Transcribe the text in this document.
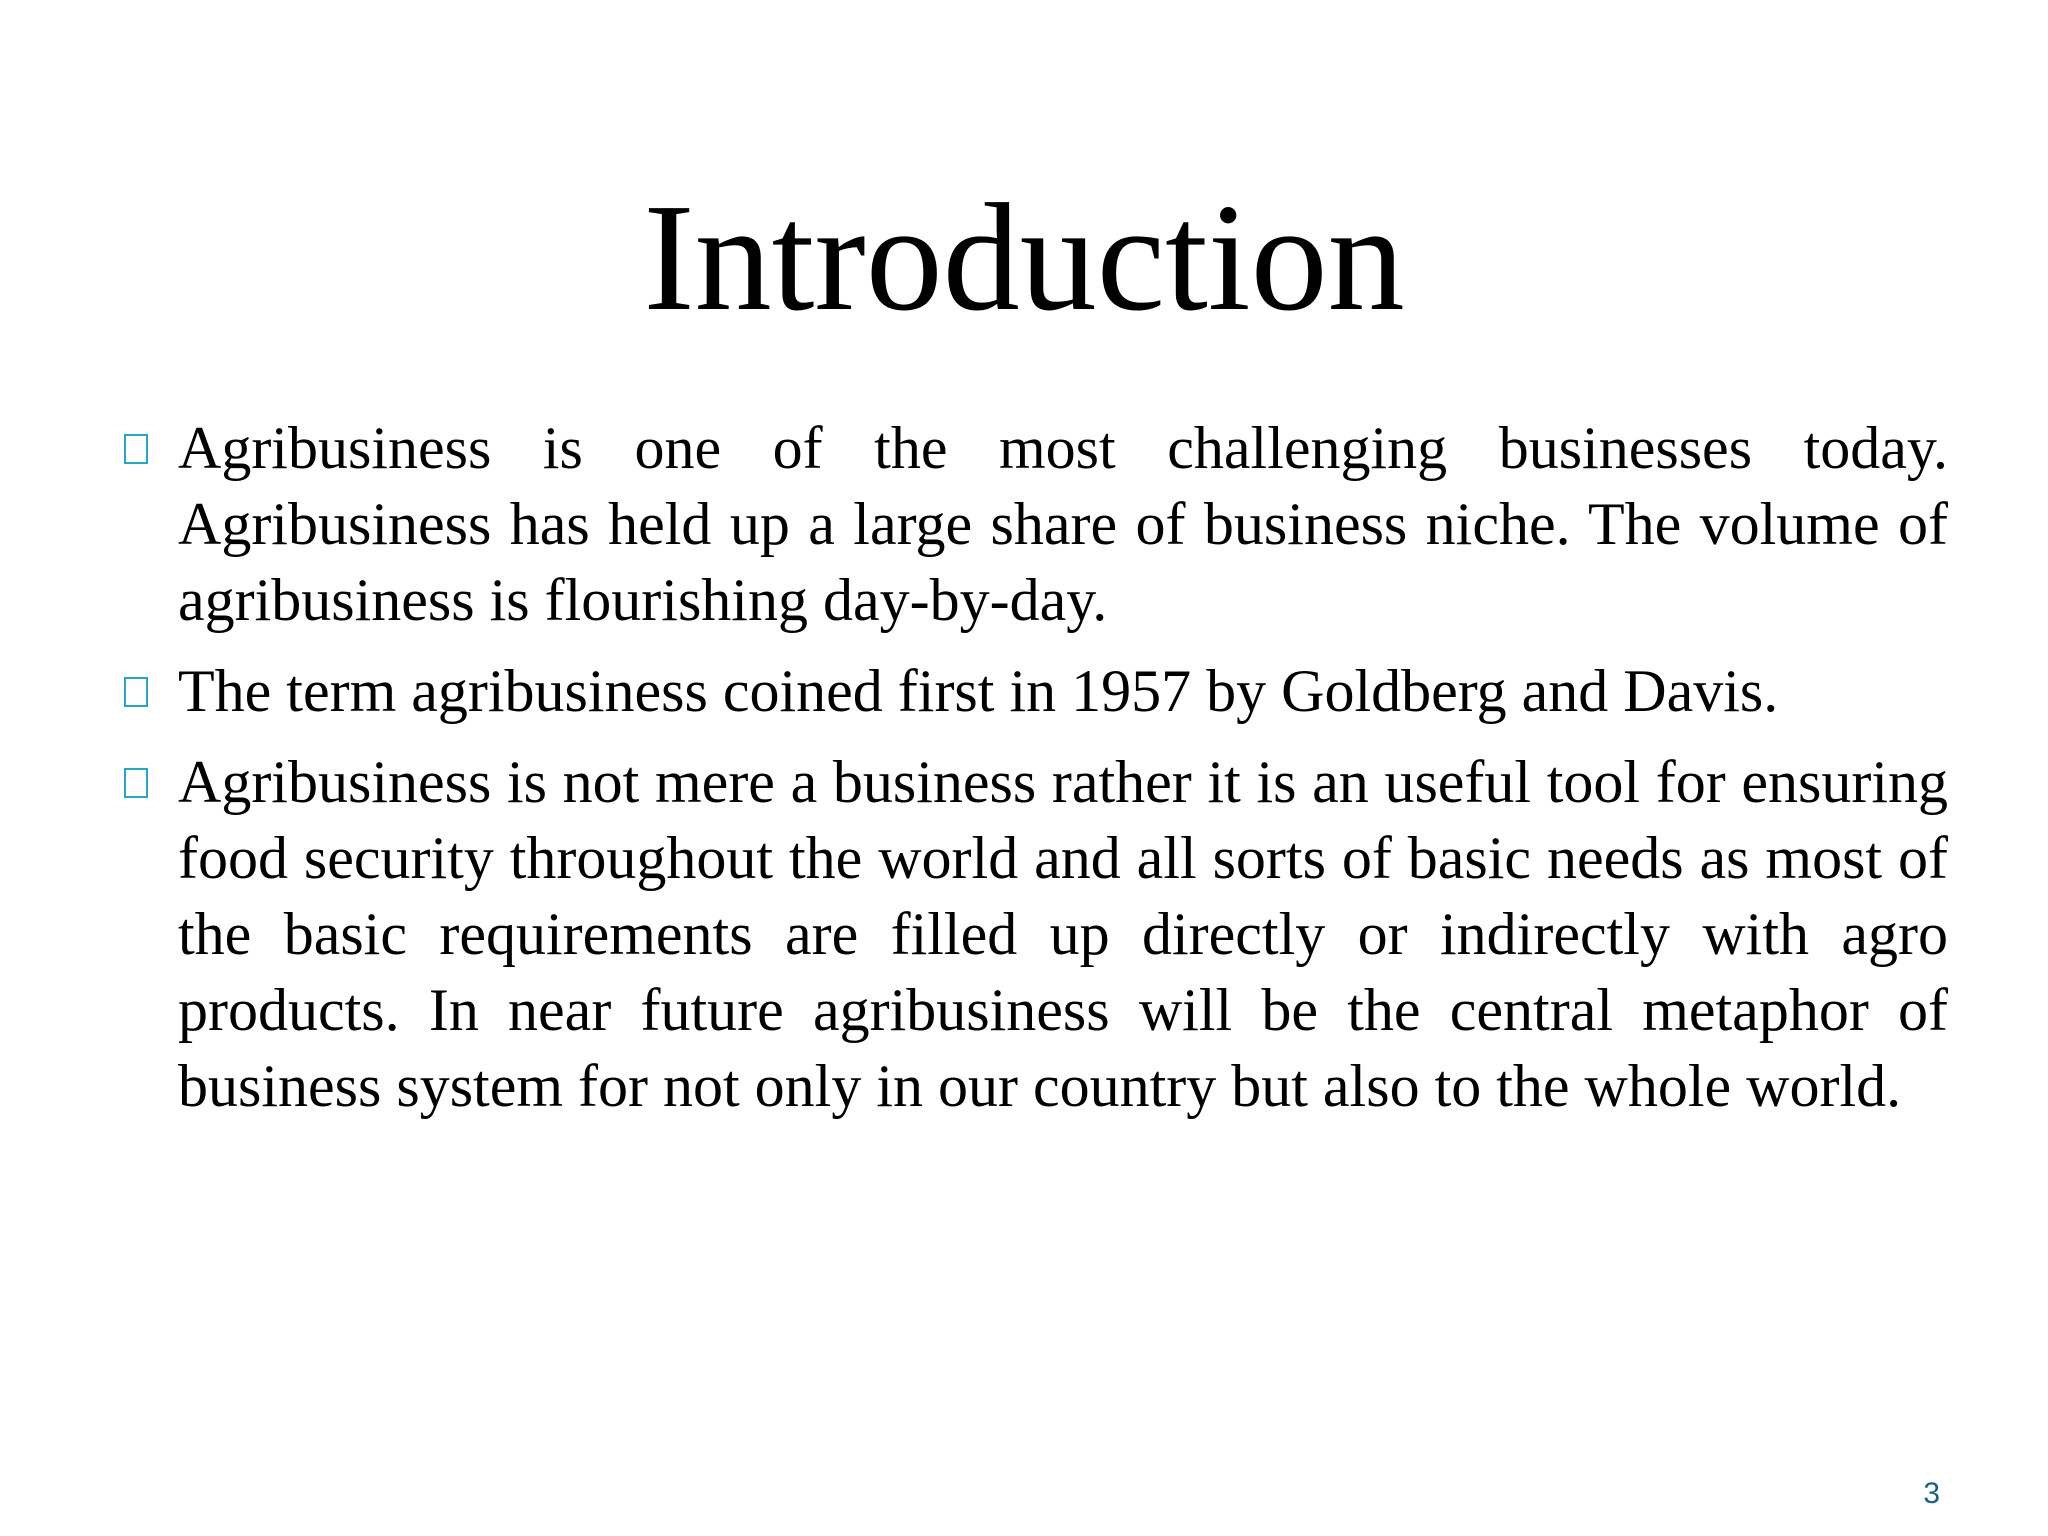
Introduction
Agribusiness is one of the most challenging businesses today. Agribusiness has held up a large share of business niche. The volume of agribusiness is flourishing day-by-day.
The term agribusiness coined first in 1957 by Goldberg and Davis.
Agribusiness is not mere a business rather it is an useful tool for ensuring food security throughout the world and all sorts of basic needs as most of the basic requirements are filled up directly or indirectly with agro products. In near future agribusiness will be the central metaphor of business system for not only in our country but also to the whole world.
3
